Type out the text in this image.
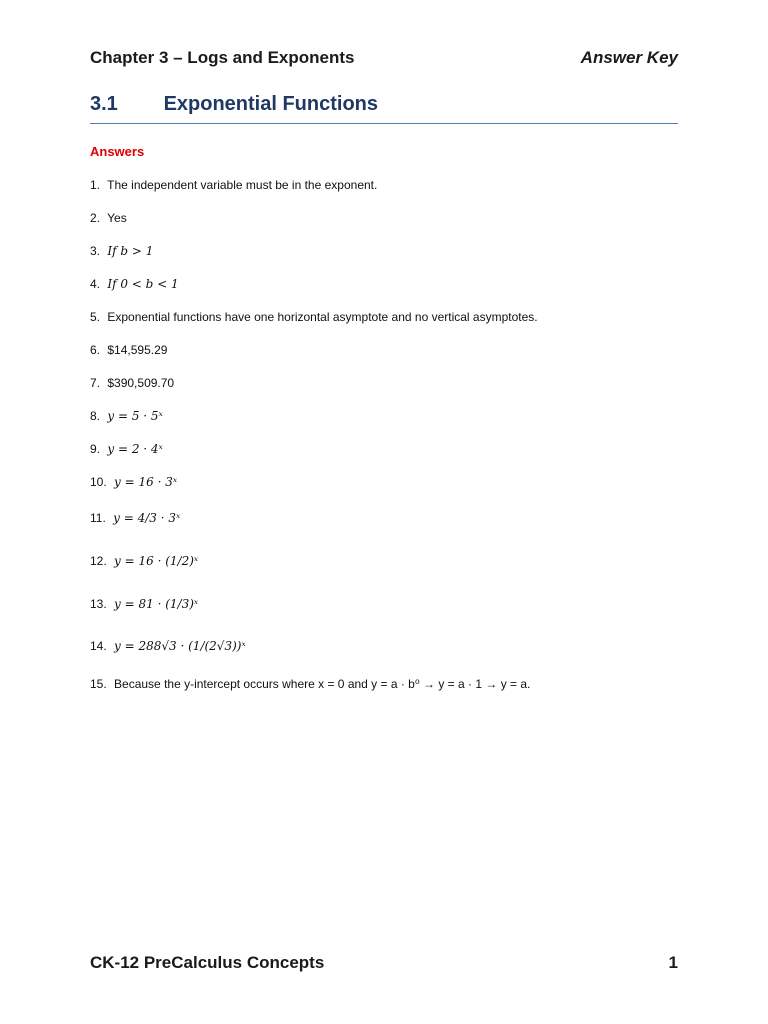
Chapter 3 – Logs and Exponents	Answer Key
3.1 Exponential Functions
Answers
1. The independent variable must be in the exponent.
2. Yes
3. If b > 1
4. If 0 < b < 1
5. Exponential functions have one horizontal asymptote and no vertical asymptotes.
6. $14,595.29
7. $390,509.70
8. y = 5 · 5ˣ
9. y = 2 · 4ˣ
10. y = 16 · 3ˣ
11. y = 4/3 · 3ˣ
12. y = 16 · (1/2)ˣ
13. y = 81 · (1/3)ˣ
14. y = 288√3 · (1/(2√3))ˣ
15. Because the y-intercept occurs where x = 0 and y = a · b⁰ → y = a · 1 → y = a.
CK-12 PreCalculus Concepts	1
